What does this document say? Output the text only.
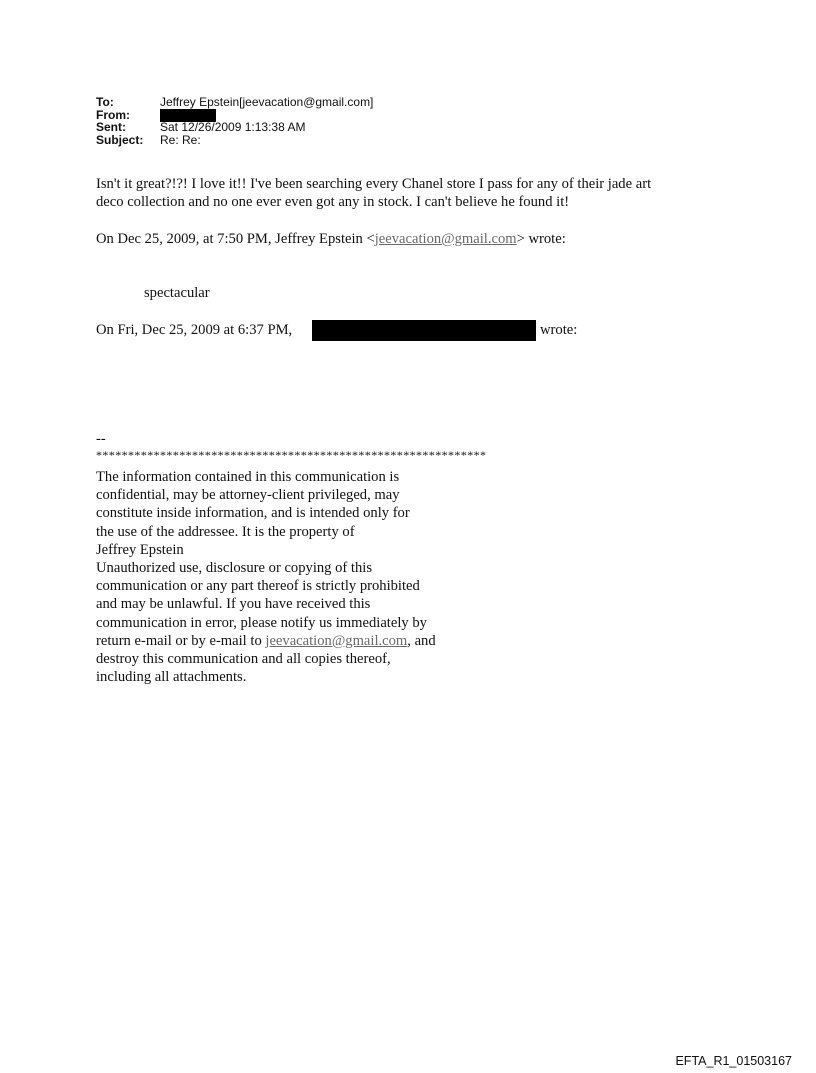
To:	Jeffrey Epstein[jeevacation@gmail.com]
From:
Sent:	Sat 12/26/2009 1:13:38 AM
Subject: Re: Re:
Isn't it great?!?! I love it!! I've been searching every Chanel store I pass for any of their jade art
deco collection and no one ever even got any in stock. I can't believe he found it!
On Dec 25, 2009, at 7:50 PM, Jeffrey Epstein <jeevacation@gmail.com> wrote:
spectacular
On Fri, Dec 25, 2009 at 6:37 PM,	wrote:
--
*************************************************************
The information contained in this communication is
confidential, may be attorney-client privileged, may
constitute inside information, and is intended only for
the use of the addressee. It is the property of
Jeffrey Epstein
Unauthorized use, disclosure or copying of this
communication or any part thereof is strictly prohibited
and may be unlawful. If you have received this
communication in error, please notify us immediately by
return e-mail or by e-mail to jeevacation@gmail.com, and
destroy this communication and all copies thereof,
including all attachments.
EFTA_R1_01503167
